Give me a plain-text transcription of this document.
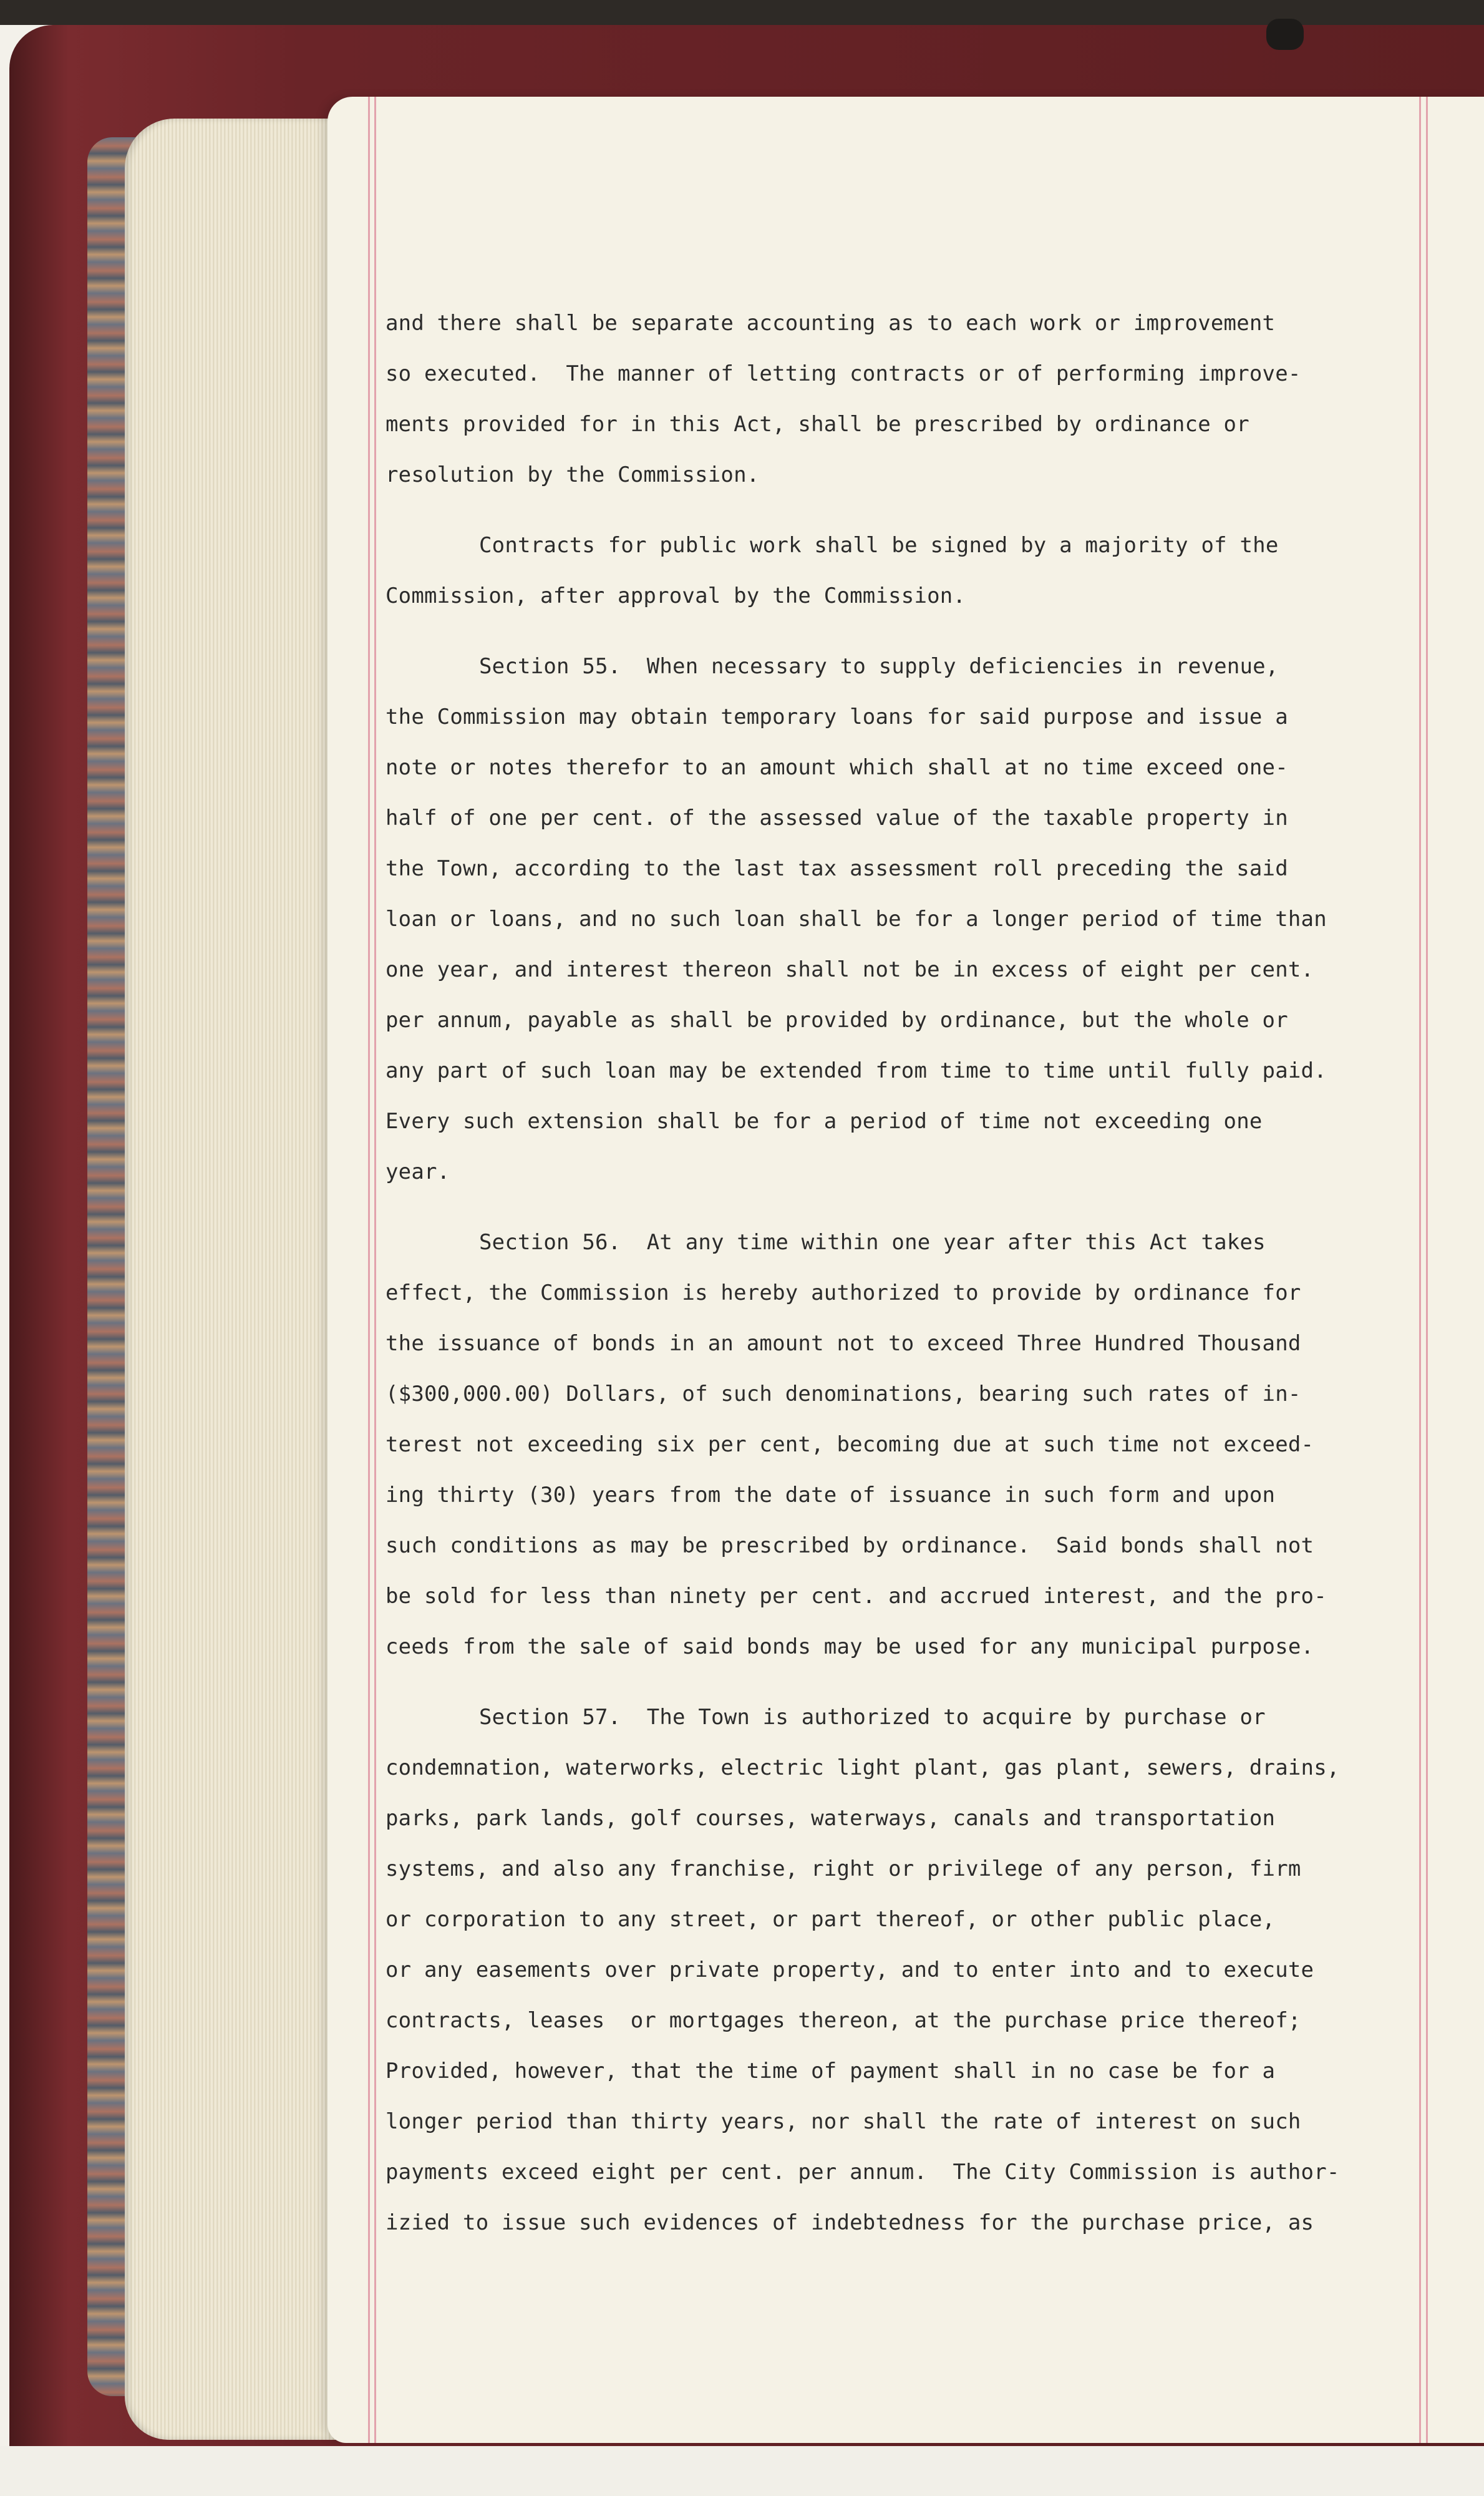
and there shall be separate accounting as to each work or improvement
so executed.  The manner of letting contracts or of performing improve-
ments provided for in this Act, shall be prescribed by ordinance or
resolution by the Commission.
Contracts for public work shall be signed by a majority of the
Commission, after approval by the Commission.
Section 55.  When necessary to supply deficiencies in revenue,
the Commission may obtain temporary loans for said purpose and issue a
note or notes therefor to an amount which shall at no time exceed one-
half of one per cent. of the assessed value of the taxable property in
the Town, according to the last tax assessment roll preceding the said
loan or loans, and no such loan shall be for a longer period of time than
one year, and interest thereon shall not be in excess of eight per cent.
per annum, payable as shall be provided by ordinance, but the whole or
any part of such loan may be extended from time to time until fully paid.
Every such extension shall be for a period of time not exceeding one
year.
Section 56.  At any time within one year after this Act takes
effect, the Commission is hereby authorized to provide by ordinance for
the issuance of bonds in an amount not to exceed Three Hundred Thousand
($300,000.00) Dollars, of such denominations, bearing such rates of in-
terest not exceeding six per cent, becoming due at such time not exceed-
ing thirty (30) years from the date of issuance in such form and upon
such conditions as may be prescribed by ordinance.  Said bonds shall not
be sold for less than ninety per cent. and accrued interest, and the pro-
ceeds from the sale of said bonds may be used for any municipal purpose.
Section 57.  The Town is authorized to acquire by purchase or
condemnation, waterworks, electric light plant, gas plant, sewers, drains,
parks, park lands, golf courses, waterways, canals and transportation
systems, and also any franchise, right or privilege of any person, firm
or corporation to any street, or part thereof, or other public place,
or any easements over private property, and to enter into and to execute
contracts, leases  or mortgages thereon, at the purchase price thereof;
Provided, however, that the time of payment shall in no case be for a
longer period than thirty years, nor shall the rate of interest on such
payments exceed eight per cent. per annum.  The City Commission is author-
izied to issue such evidences of indebtedness for the purchase price, as
